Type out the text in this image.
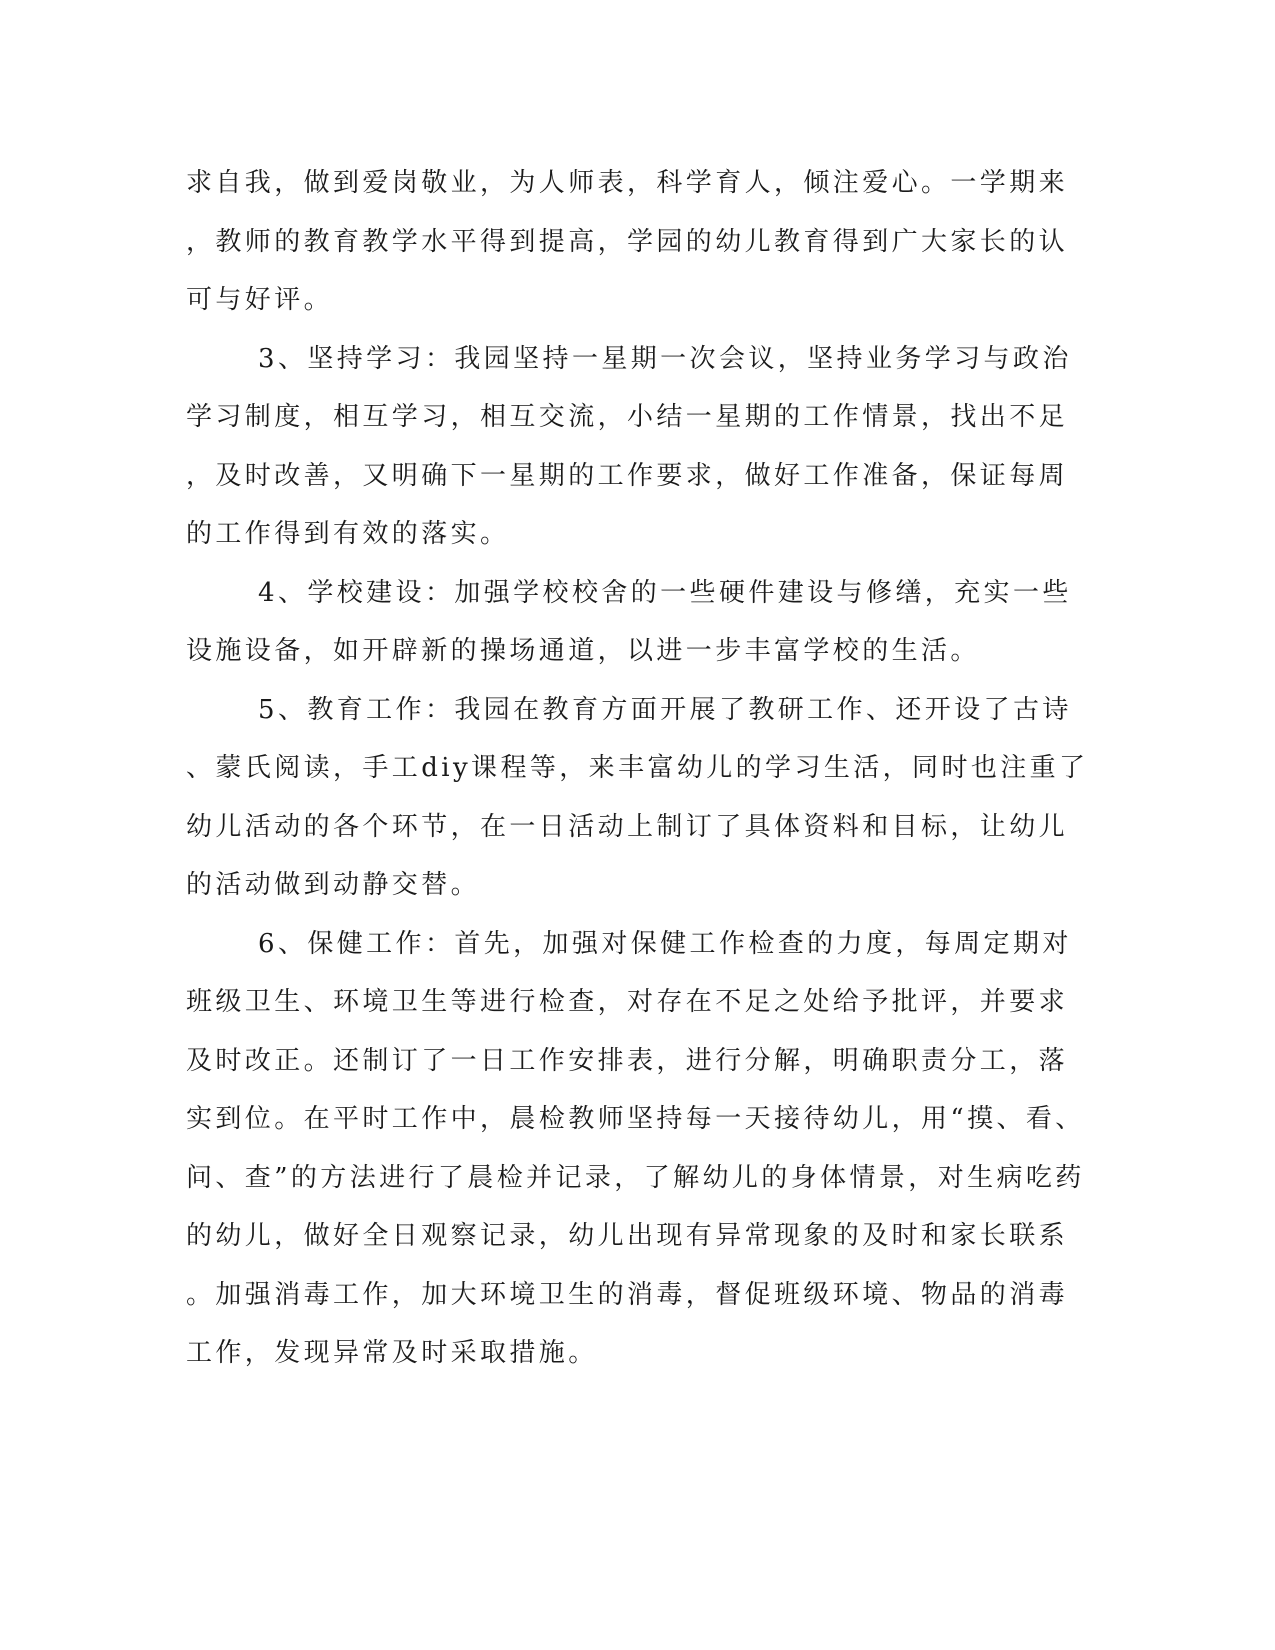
求自我，做到爱岗敬业，为人师表，科学育人，倾注爱心。一学期来
，教师的教育教学水平得到提高，学园的幼儿教育得到广大家长的认
可与好评。
3、坚持学习：我园坚持一星期一次会议，坚持业务学习与政治
学习制度，相互学习，相互交流，小结一星期的工作情景，找出不足
，及时改善，又明确下一星期的工作要求，做好工作准备，保证每周
的工作得到有效的落实。
4、学校建设：加强学校校舍的一些硬件建设与修缮，充实一些
设施设备，如开辟新的操场通道，以进一步丰富学校的生活。
5、教育工作：我园在教育方面开展了教研工作、还开设了古诗
、蒙氏阅读，手工diy课程等，来丰富幼儿的学习生活，同时也注重了
幼儿活动的各个环节，在一日活动上制订了具体资料和目标，让幼儿
的活动做到动静交替。
6、保健工作：首先，加强对保健工作检查的力度，每周定期对
班级卫生、环境卫生等进行检查，对存在不足之处给予批评，并要求
及时改正。还制订了一日工作安排表，进行分解，明确职责分工，落
实到位。在平时工作中，晨检教师坚持每一天接待幼儿，用“摸、看、
问、查”的方法进行了晨检并记录，了解幼儿的身体情景，对生病吃药
的幼儿，做好全日观察记录，幼儿出现有异常现象的及时和家长联系
。加强消毒工作，加大环境卫生的消毒，督促班级环境、物品的消毒
工作，发现异常及时采取措施。
